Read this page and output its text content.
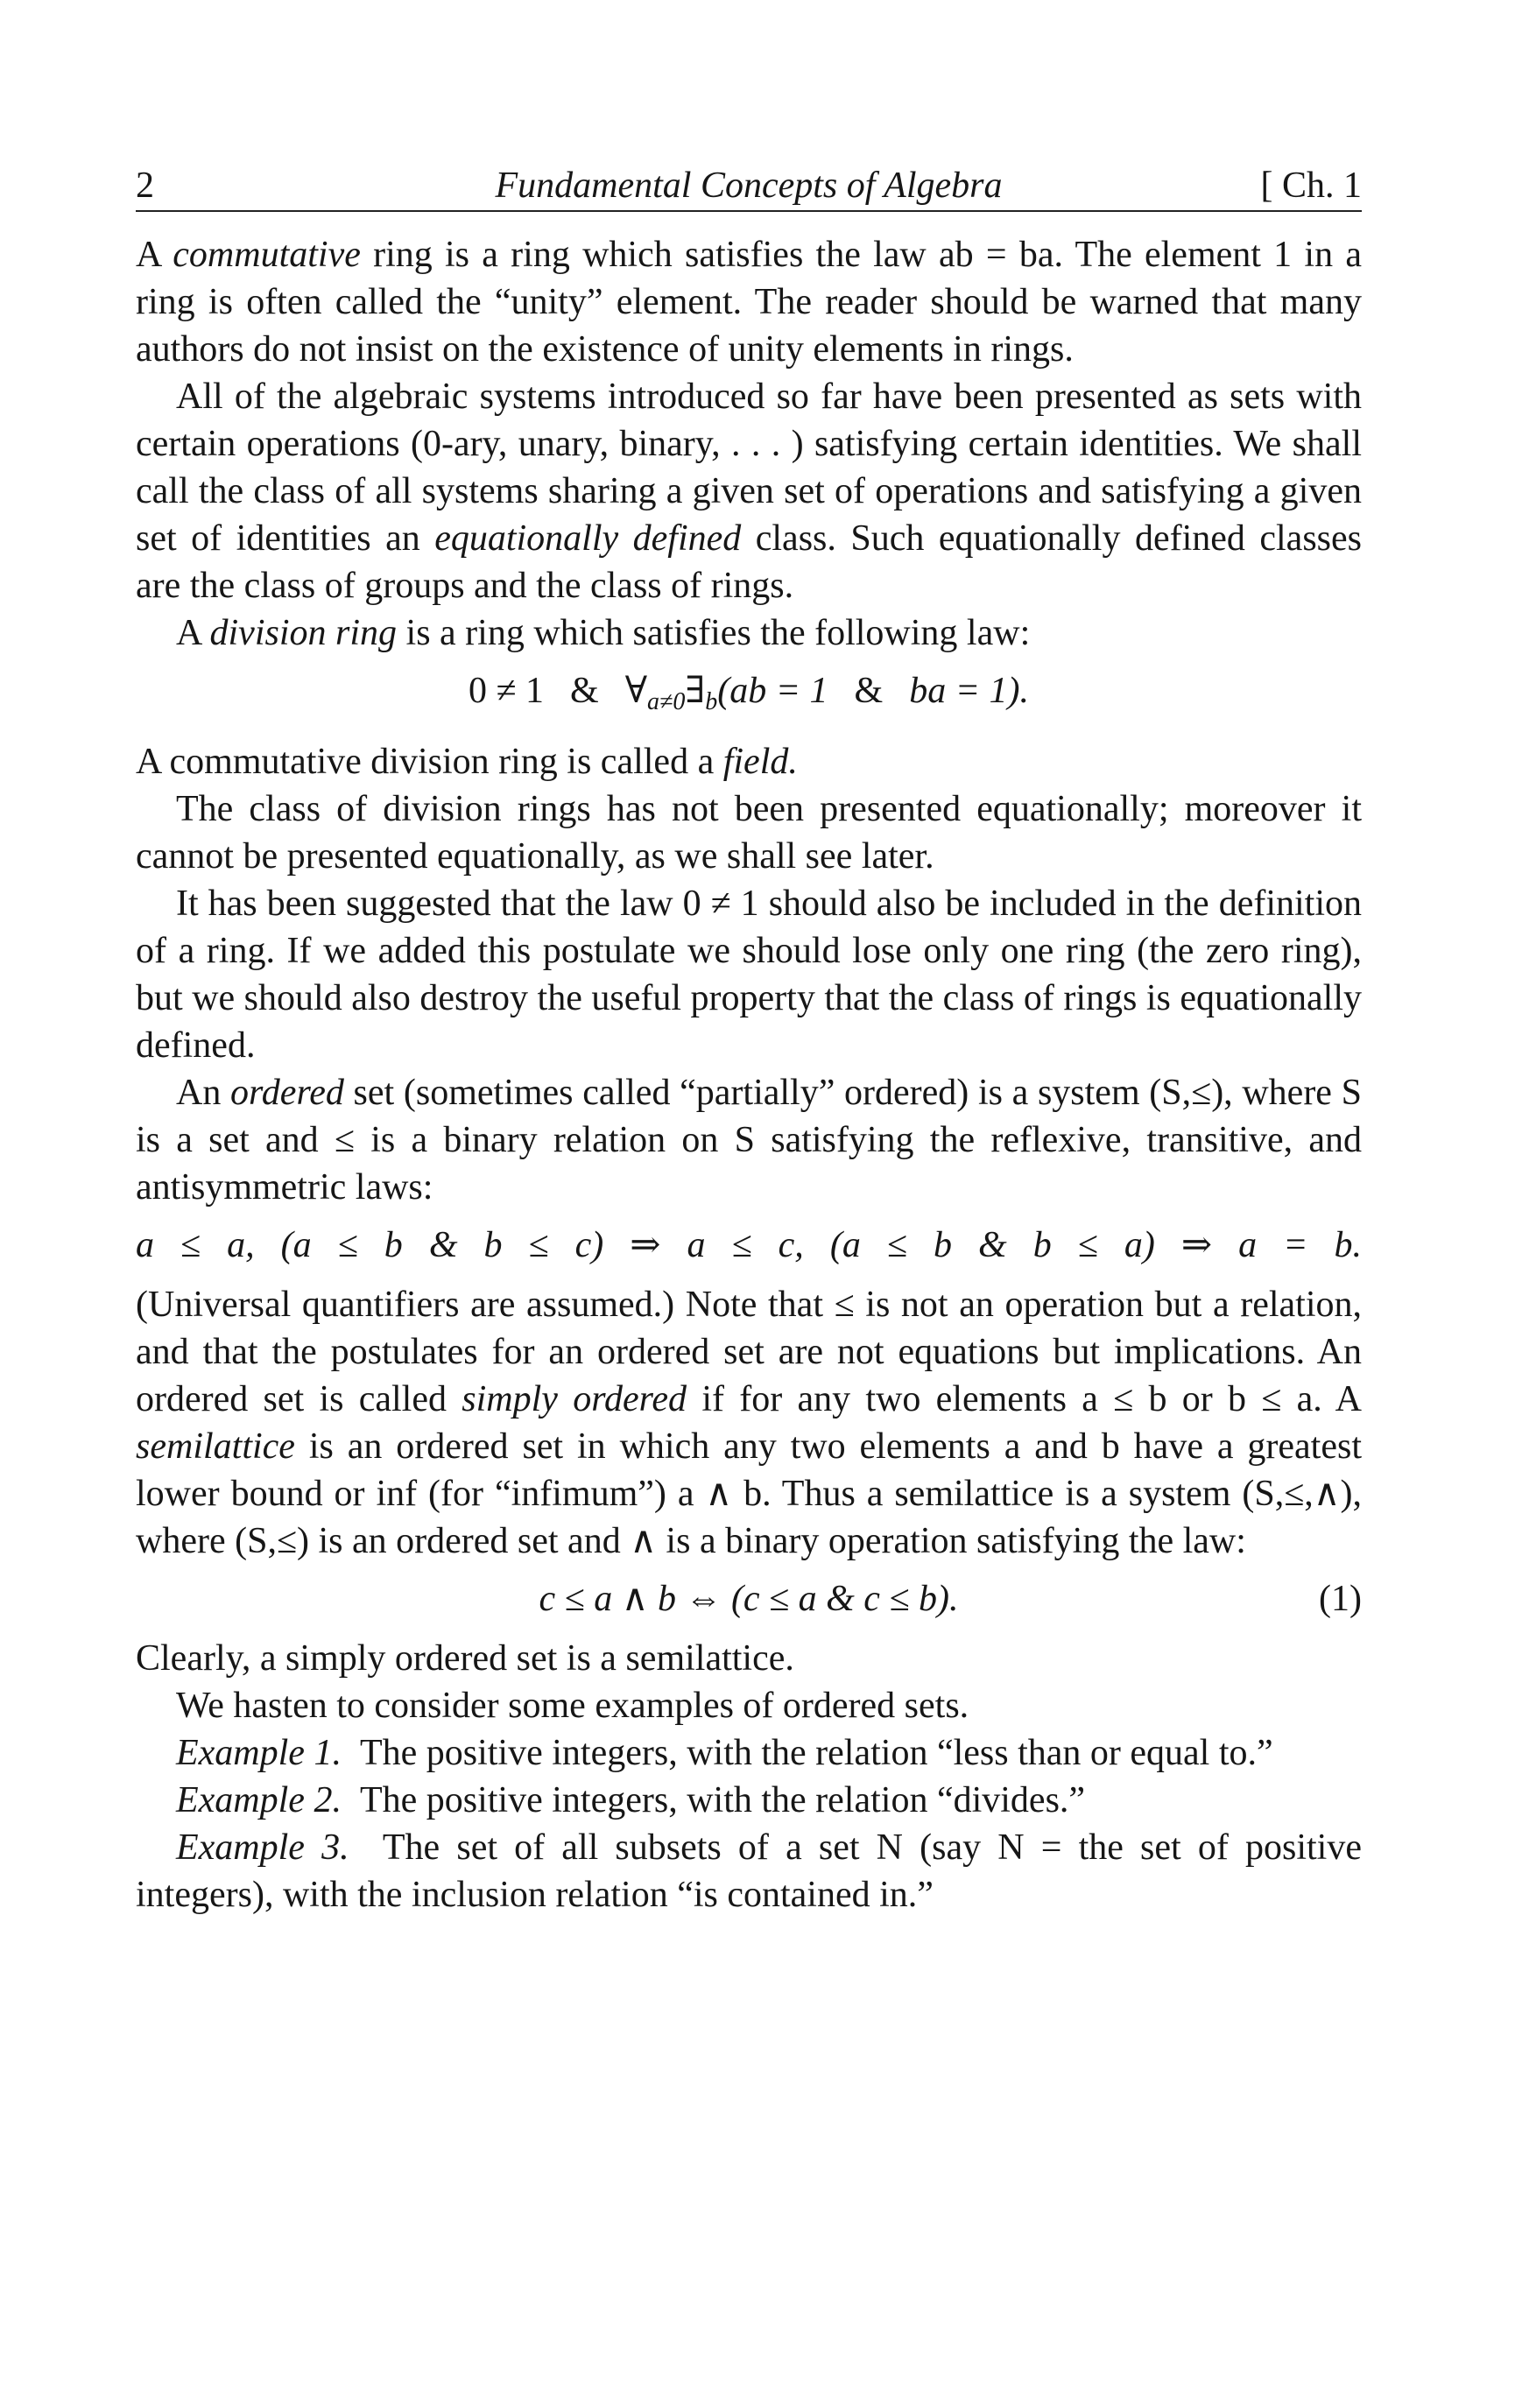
2	Fundamental Concepts of Algebra	[ Ch. 1

A commutative ring is a ring which satisfies the law ab = ba. The element 1 in a ring is often called the “unity” element. The reader should be warned that many authors do not insist on the existence of unity elements in rings.

All of the algebraic systems introduced so far have been presented as sets with certain operations (0-ary, unary, binary, . . . ) satisfying certain identities. We shall call the class of all systems sharing a given set of operations and satisfying a given set of identities an equationally defined class. Such equationally defined classes are the class of groups and the class of rings.

A division ring is a ring which satisfies the following law:

0 ≠ 1 & $\forall_{a\ne 0}\exists_b(ab = 1$ & ba = 1).

A commutative division ring is called a field.

The class of division rings has not been presented equationally; moreover it cannot be presented equationally, as we shall see later.

It has been suggested that the law 0 ≠ 1 should also be included in the definition of a ring. If we added this postulate we should lose only one ring (the zero ring), but we should also destroy the useful property that the class of rings is equationally defined.

An ordered set (sometimes called “partially” ordered) is a system (S,≤), where S is a set and ≤ is a binary relation on S satisfying the reflexive, transitive, and antisymmetric laws:

a ≤ a, (a ≤ b & b ≤ c) ⇒ a ≤ c, (a ≤ b & b ≤ a) ⇒ a = b.

(Universal quantifiers are assumed.) Note that ≤ is not an operation but a relation, and that the postulates for an ordered set are not equations but implications. An ordered set is called simply ordered if for any two elements a ≤ b or b ≤ a. A semilattice is an ordered set in which any two elements a and b have a greatest lower bound or inf (for “infimum”) a ∧ b. Thus a semilattice is a system (S,≤,∧), where (S,≤) is an ordered set and ∧ is a binary operation satisfying the law:

c ≤ a ∧ b ⇔ (c ≤ a & c ≤ b).	(1)

Clearly, a simply ordered set is a semilattice.

We hasten to consider some examples of ordered sets.

Example 1. The positive integers, with the relation “less than or equal to.”

Example 2. The positive integers, with the relation “divides.”

Example 3. The set of all subsets of a set N (say N = the set of positive integers), with the inclusion relation “is contained in.”
